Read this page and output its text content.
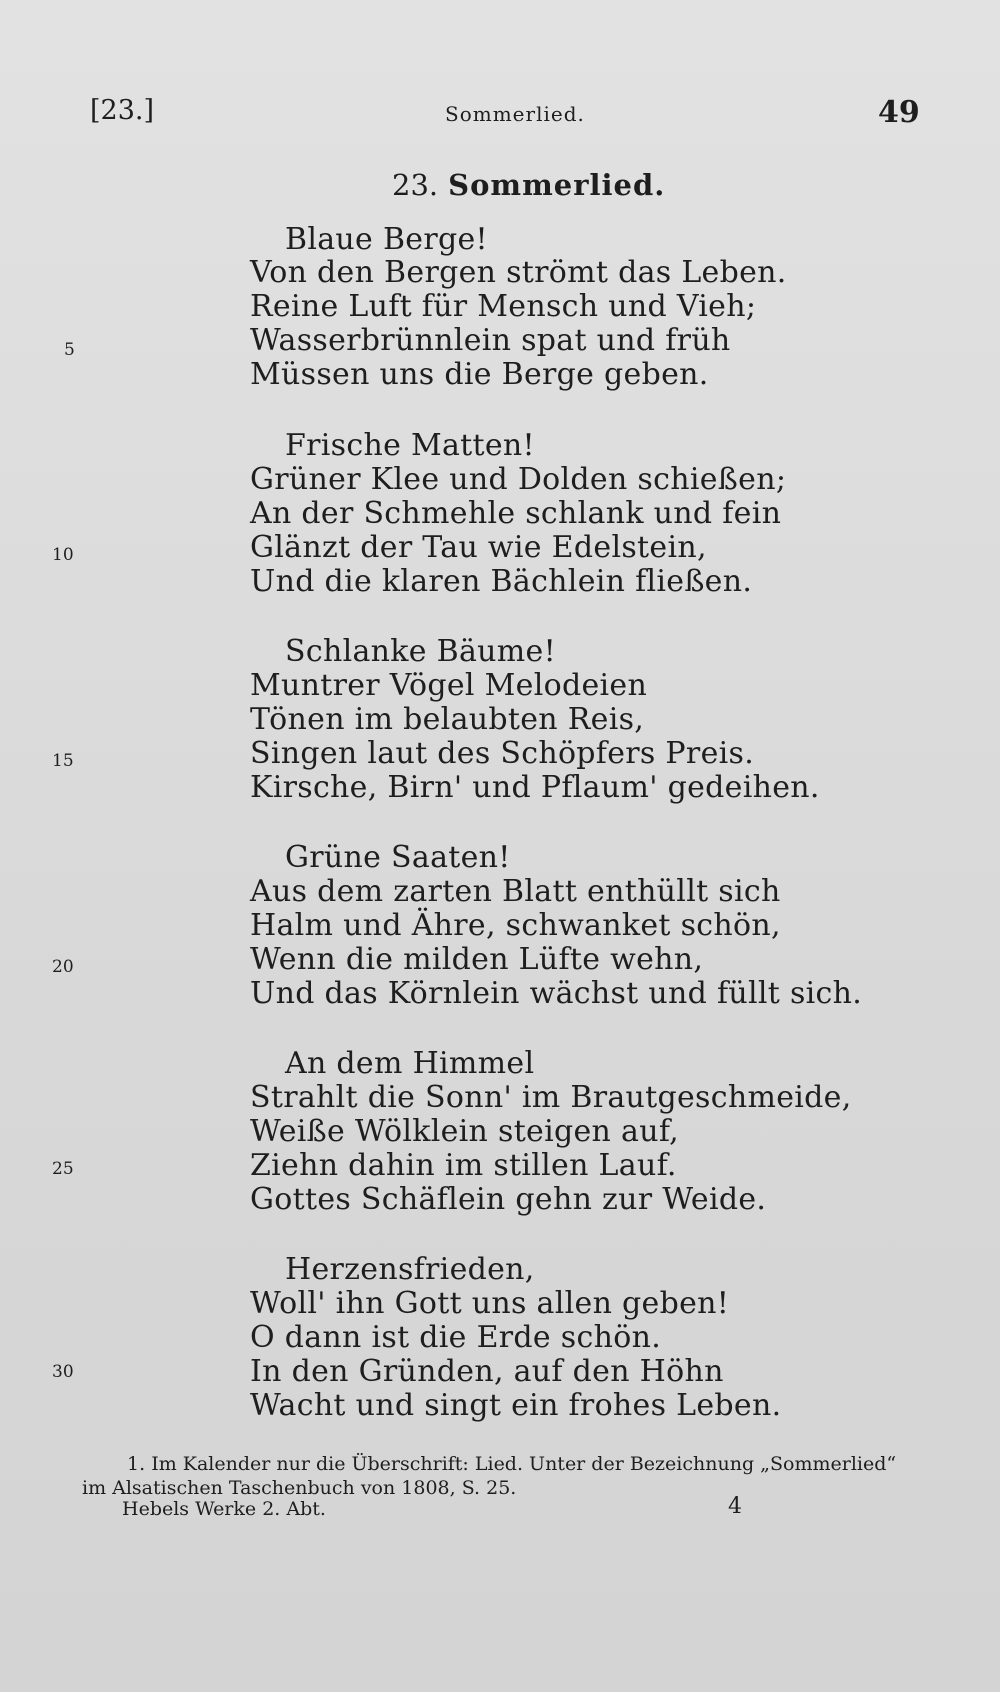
[23.]	Sommerlied.	49
23. Sommerlied.
Blaue Berge!
Von den Bergen strömt das Leben.
Reine Luft für Mensch und Vieh;
Wasserbrünnlein spat und früh
Müssen uns die Berge geben.
Frische Matten!
Grüner Klee und Dolden schießen;
An der Schmehle schlank und fein
Glänzt der Tau wie Edelstein,
Und die klaren Bächlein fließen.
Schlanke Bäume!
Muntrer Vögel Melodeien
Tönen im belaubten Reis,
Singen laut des Schöpfers Preis.
Kirsche, Birn' und Pflaum' gedeihen.
Grüne Saaten!
Aus dem zarten Blatt enthüllt sich
Halm und Ähre, schwanket schön,
Wenn die milden Lüfte wehn,
Und das Körnlein wächst und füllt sich.
An dem Himmel
Strahlt die Sonn' im Brautgeschmeide,
Weiße Wölklein steigen auf,
Ziehn dahin im stillen Lauf.
Gottes Schäflein gehn zur Weide.
Herzensfrieden,
Woll' ihn Gott uns allen geben!
O dann ist die Erde schön.
In den Gründen, auf den Höhn
Wacht und singt ein frohes Leben.
5
10
15
20
25
30
1. Im Kalender nur die Überschrift: Lied. Unter der Bezeichnung „Sommerlied“ im Alsatischen Taschenbuch von 1808, S. 25.
Hebels Werke 2. Abt.	4
